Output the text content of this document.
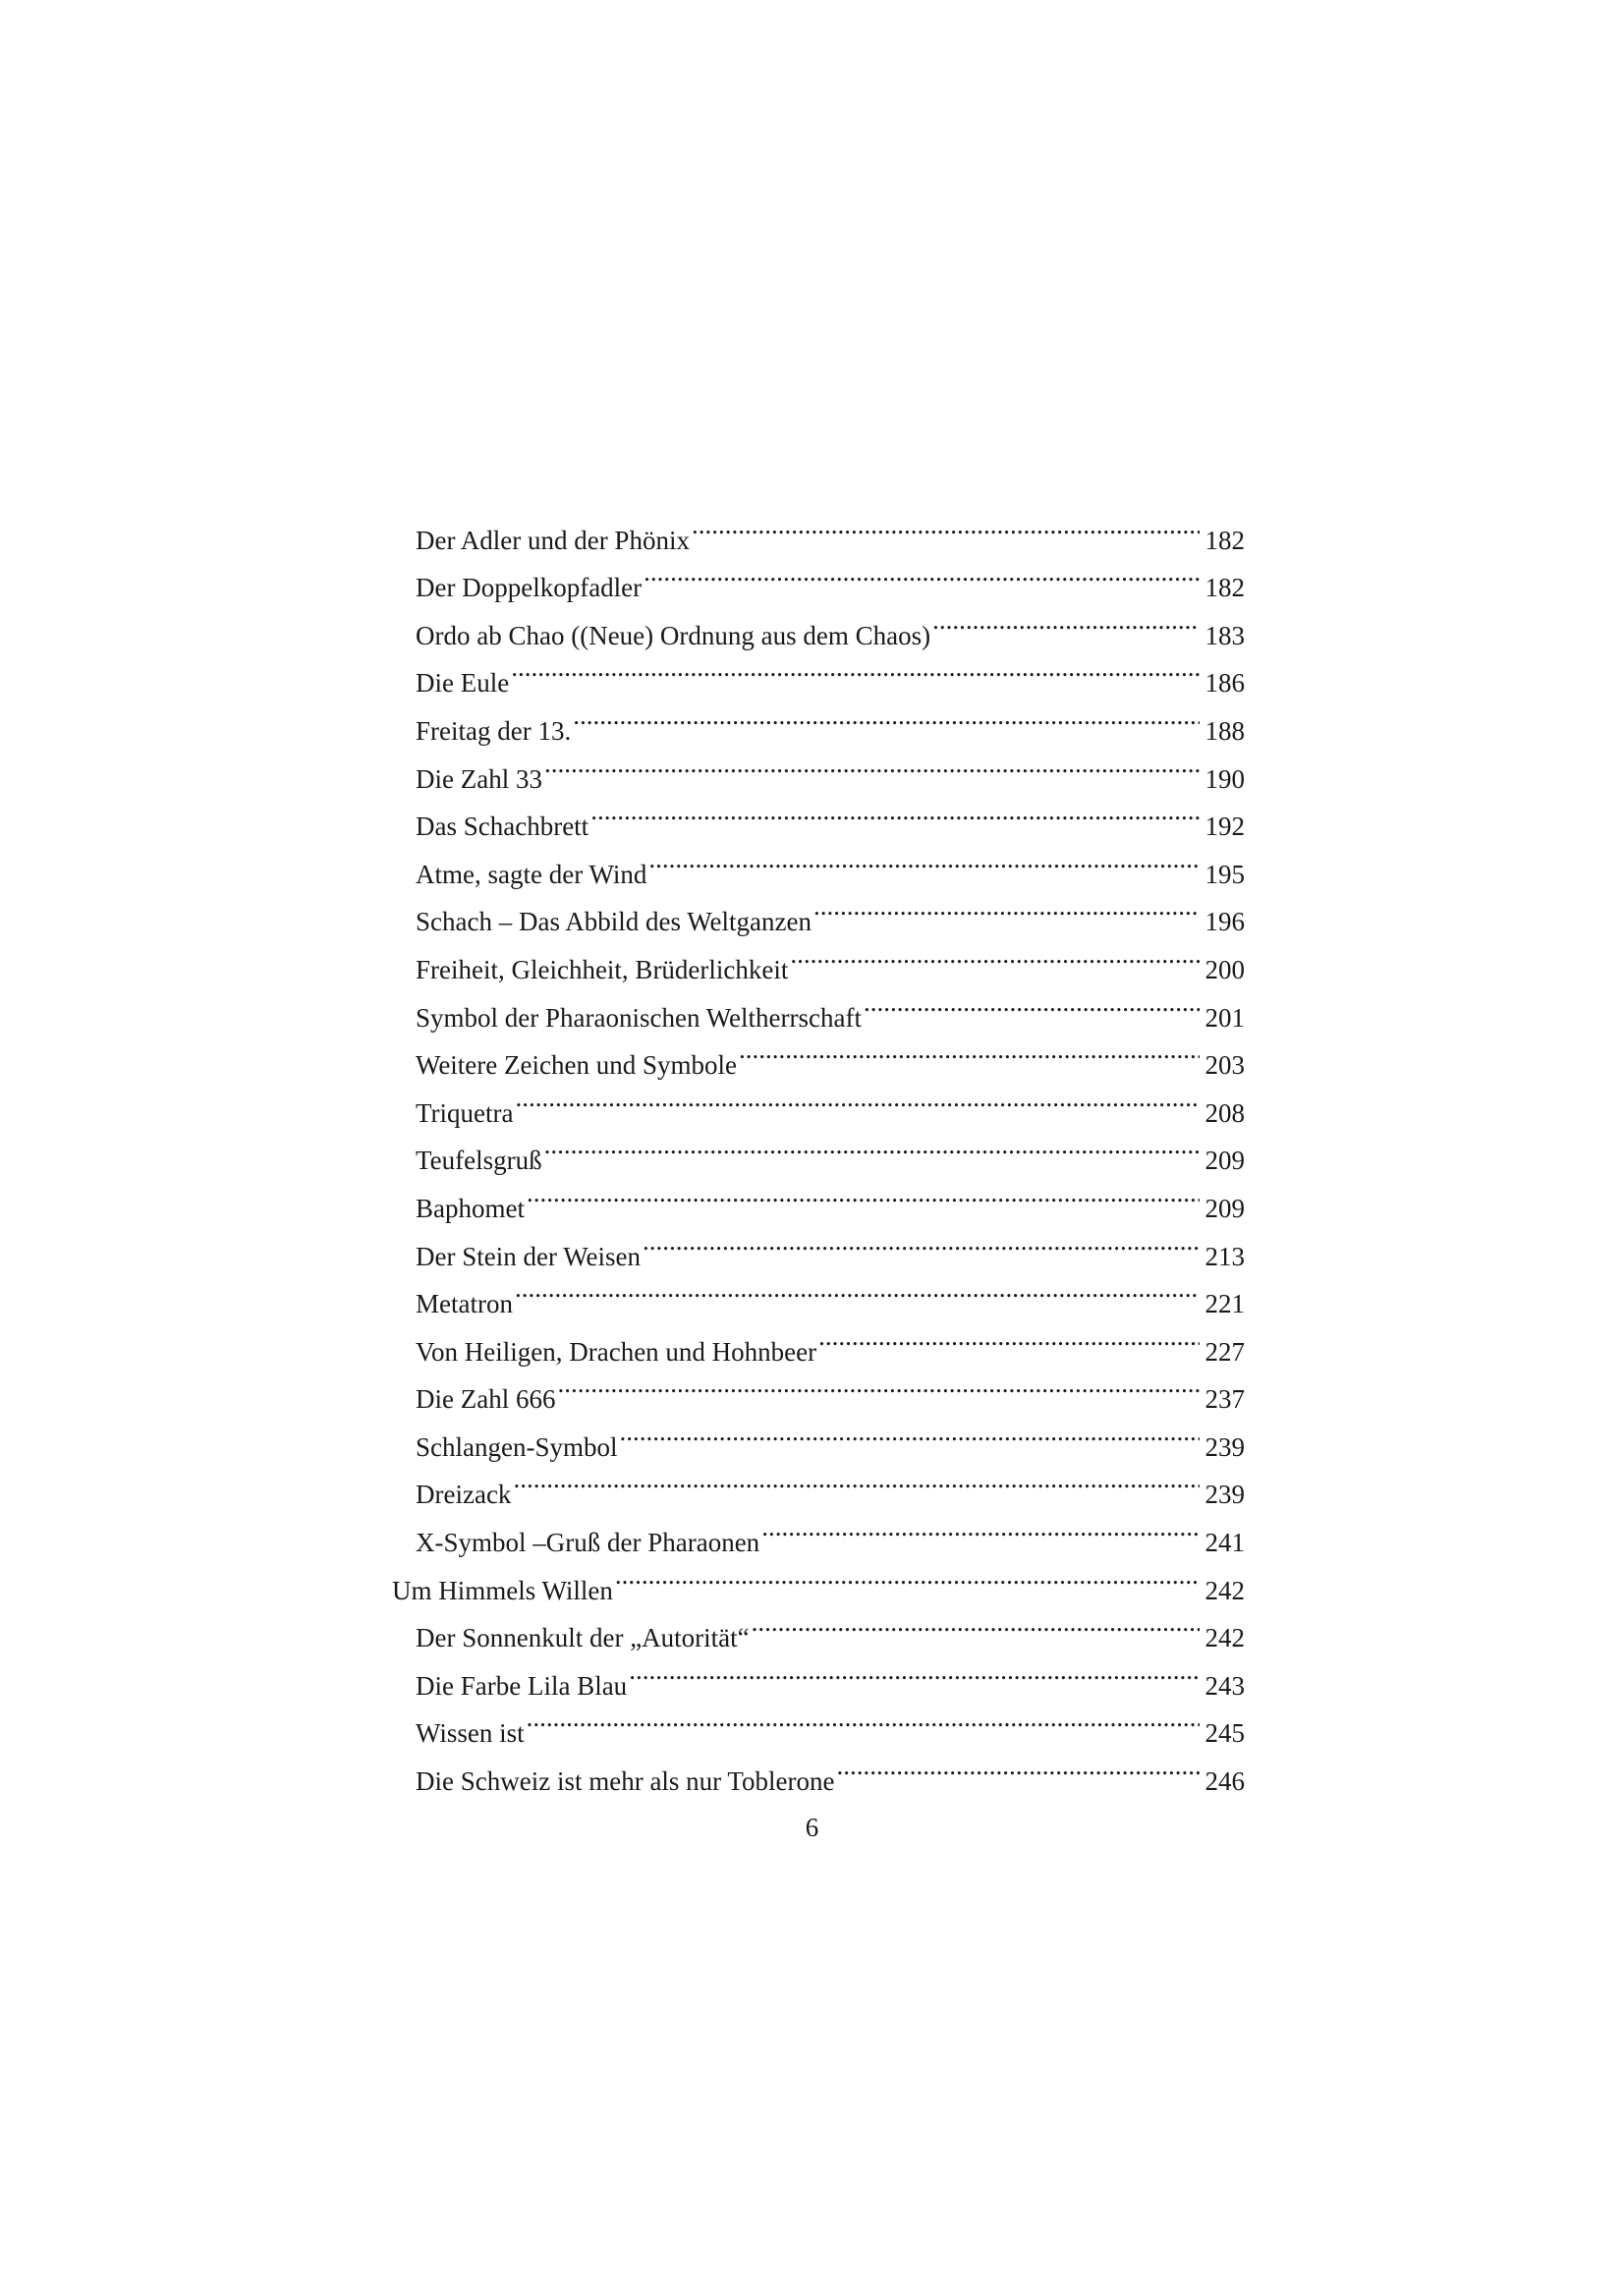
Der Adler und der Phönix .....	182
Der Doppelkopfadler .....	182
Ordo ab Chao ((Neue) Ordnung aus dem Chaos) .....	183
Die Eule .....	186
Freitag der 13. .....	188
Die Zahl 33 .....	190
Das Schachbrett .....	192
Atme, sagte der Wind .....	195
Schach – Das Abbild des Weltganzen .....	196
Freiheit, Gleichheit, Brüderlichkeit .....	200
Symbol der Pharaonischen Weltherrschaft .....	201
Weitere Zeichen und Symbole .....	203
Triquetra .....	208
Teufelsgruß .....	209
Baphomet .....	209
Der Stein der Weisen .....	213
Metatron .....	221
Von Heiligen, Drachen und Hohnbeer .....	227
Die Zahl 666 .....	237
Schlangen-Symbol .....	239
Dreizack .....	239
X-Symbol –Gruß der Pharaonen .....	241
Um Himmels Willen .....	242
Der Sonnenkult der „Autorität“ .....	242
Die Farbe Lila Blau .....	243
Wissen ist .....	245
Die Schweiz ist mehr als nur Toblerone .....	246
6
